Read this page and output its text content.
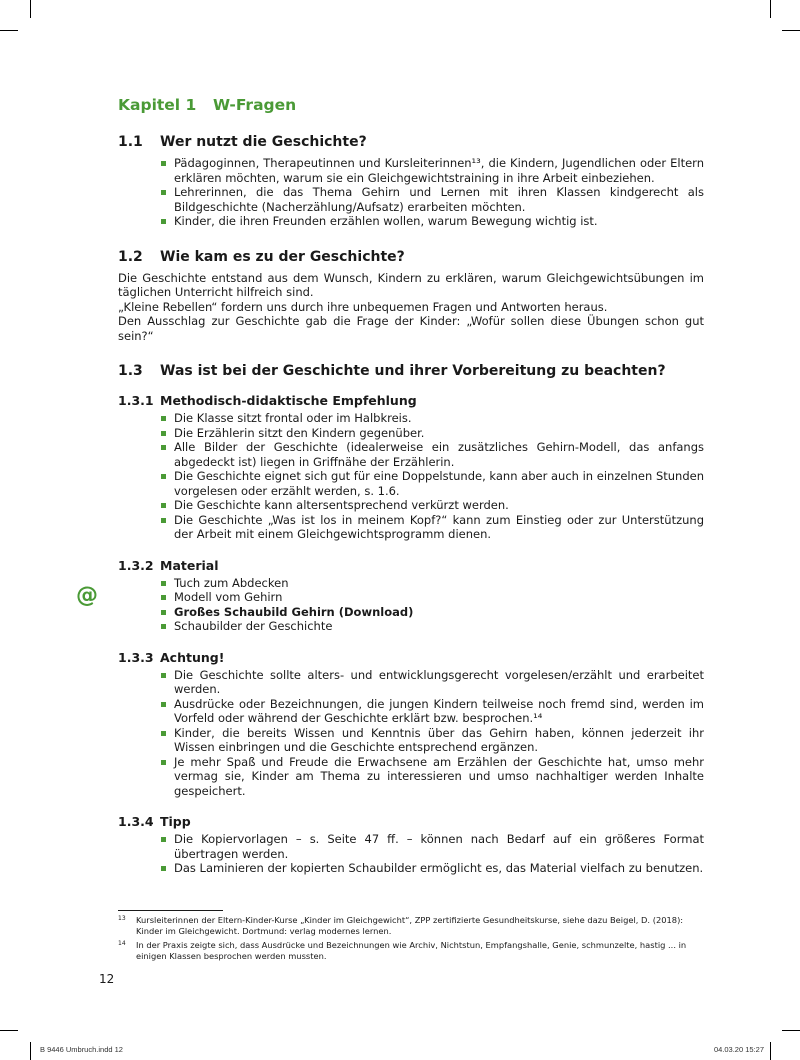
Kapitel 1 W-Fragen
1.1 Wer nutzt die Geschichte?
Pädagoginnen, Therapeutinnen und Kursleiterinnen¹³, die Kindern, Jugendlichen oder Eltern erklären möchten, warum sie ein Gleichgewichtstraining in ihre Arbeit einbeziehen.
Lehrerinnen, die das Thema Gehirn und Lernen mit ihren Klassen kindgerecht als Bildgeschichte (Nacherzählung/Aufsatz) erarbeiten möchten.
Kinder, die ihren Freunden erzählen wollen, warum Bewegung wichtig ist.
1.2 Wie kam es zu der Geschichte?

Die Geschichte entstand aus dem Wunsch, Kindern zu erklären, warum Gleichgewichtsübungen im täglichen Unterricht hilfreich sind.

„Kleine Rebellen“ fordern uns durch ihre unbequemen Fragen und Antworten heraus.

Den Ausschlag zur Geschichte gab die Frage der Kinder: „Wofür sollen diese Übungen schon gut sein?“

1.3 Was ist bei der Geschichte und ihrer Vorbereitung zu beachten?
1.3.1 Methodisch-didaktische Empfehlung
Die Klasse sitzt frontal oder im Halbkreis.
Die Erzählerin sitzt den Kindern gegenüber.
Alle Bilder der Geschichte (idealerweise ein zusätzliches Gehirn-Modell, das anfangs abgedeckt ist) liegen in Griffnähe der Erzählerin.
Die Geschichte eignet sich gut für eine Doppelstunde, kann aber auch in einzelnen Stunden vorgelesen oder erzählt werden, s. 1.6.
Die Geschichte kann altersentsprechend verkürzt werden.
Die Geschichte „Was ist los in meinem Kopf?“ kann zum Einstieg oder zur Unterstützung der Arbeit mit einem Gleichgewichtsprogramm dienen.
1.3.2 Material
Tuch zum Abdecken
Modell vom Gehirn
Großes Schaubild Gehirn (Download)
Schaubilder der Geschichte
1.3.3 Achtung!
Die Geschichte sollte alters- und entwicklungsgerecht vorgelesen/erzählt und erarbeitet werden.
Ausdrücke oder Bezeichnungen, die jungen Kindern teilweise noch fremd sind, werden im Vorfeld oder während der Geschichte erklärt bzw. besprochen.¹⁴
Kinder, die bereits Wissen und Kenntnis über das Gehirn haben, können jederzeit ihr Wissen einbringen und die Geschichte entsprechend ergänzen.
Je mehr Spaß und Freude die Erwachsene am Erzählen der Geschichte hat, umso mehr vermag sie, Kinder am Thema zu interessieren und umso nachhaltiger werden Inhalte gespeichert.
1.3.4 Tipp
Die Kopiervorlagen – s. Seite 47 ff. – können nach Bedarf auf ein größeres Format übertragen werden.
Das Laminieren der kopierten Schaubilder ermöglicht es, das Material vielfach zu benutzen.
@
13 Kursleiterinnen der Eltern-Kinder-Kurse „Kinder im Gleichgewicht“, ZPP zertifizierte Gesundheitskurse, siehe dazu Beigel, D. (2018): Kinder im Gleichgewicht. Dortmund: verlag modernes lernen.
14 In der Praxis zeigte sich, dass Ausdrücke und Bezeichnungen wie Archiv, Nichtstun, Empfangshalle, Genie, schmunzelte, hastig ... in einigen Klassen besprochen werden mussten.
12
B 9446 Umbruch.indd 12	04.03.20 15:27
